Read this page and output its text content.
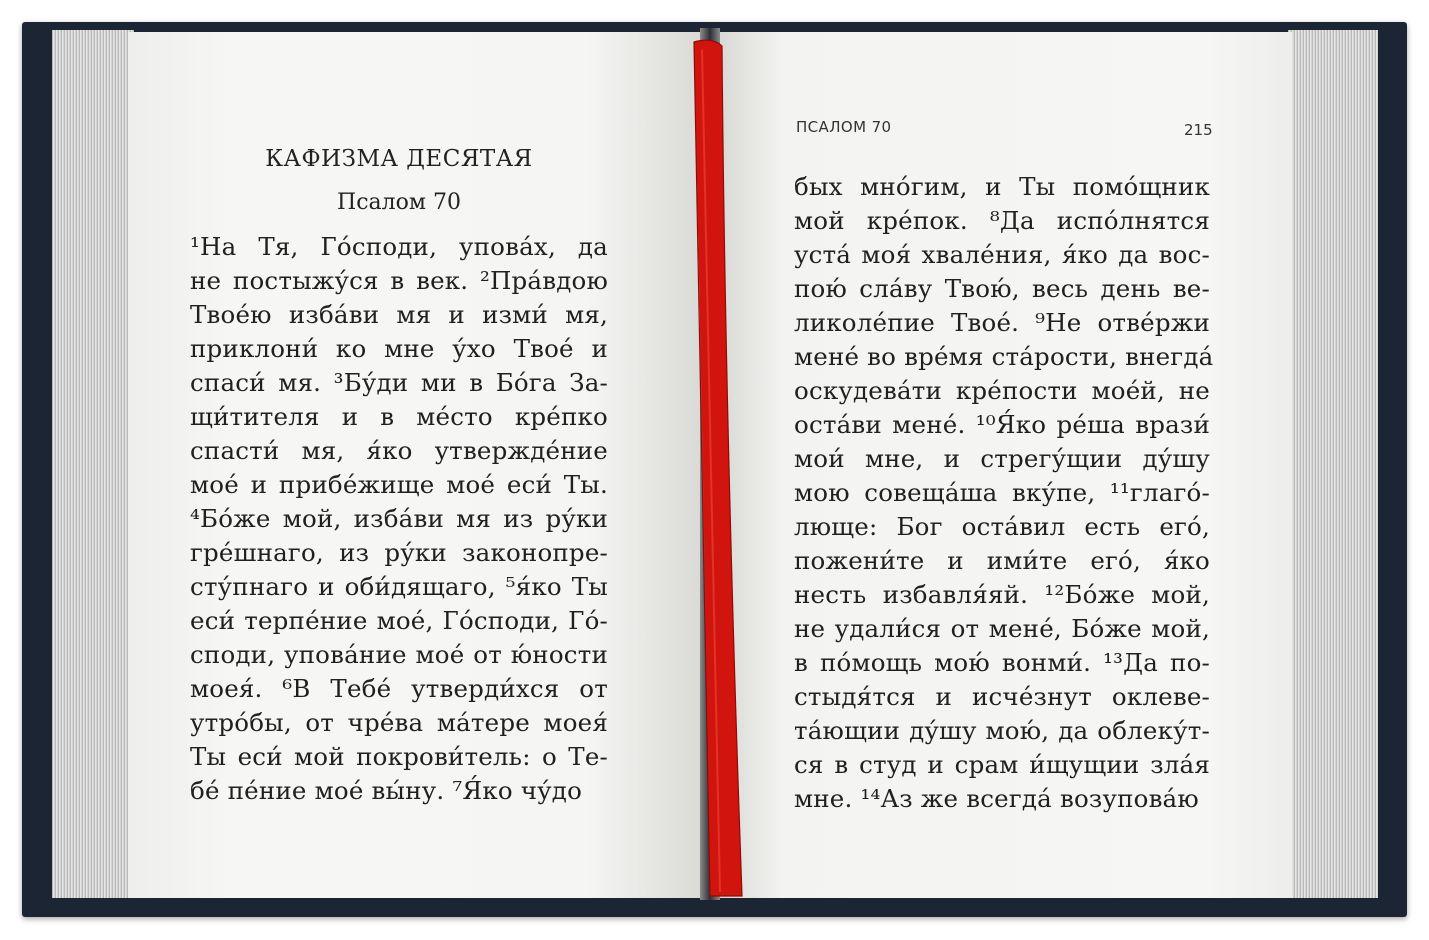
КАФИЗМА ДЕСЯТАЯ
Псалом 70
¹На Тя, Го́споди, упова́х, да
не постыжу́ся в век. ²Пра́вдою
Твое́ю изба́ви мя и изми́ мя,
приклони́ ко мне у́хо Твое́ и
спаси́ мя. ³Бу́ди ми в Бо́га За-
щи́тителя и в ме́сто кре́пко
спасти́ мя, я́ко утвержде́ние
мое́ и прибе́жище мое́ еси́ Ты.
⁴Бо́же мой, изба́ви мя из ру́ки
гре́шнаго, из ру́ки законопре-
сту́пнаго и оби́дящаго, ⁵я́ко Ты
еси́ терпе́ние мое́, Го́споди, Го́-
споди, упова́ние мое́ от ю́ности
моея́. ⁶В Тебе́ утверди́хся от
утро́бы, от чре́ва ма́тере моея́
Ты еси́ мой покрови́тель: о Те-
бе́ пе́ние мое́ вы́ну. ⁷Я́ко чу́до
ПСАЛОМ 70	215
бых мно́гим, и Ты помо́щник
мой кре́пок. ⁸Да испо́лнятся
уста́ моя́ хвале́ния, я́ко да вос-
пою́ сла́ву Твою́, весь день ве-
ликоле́пие Твое́. ⁹Не отве́ржи
мене́ во вре́мя ста́рости, внегда́
оскудева́ти кре́пости мое́й, не
оста́ви мене́. ¹⁰Я́ко ре́ша врази́
мои́ мне, и стрегу́щии ду́шу
мою совеща́ша вку́пе, ¹¹глаго́-
люще: Бог оста́вил есть его́,
пожени́те и ими́те его́, я́ко
несть избавля́яй. ¹²Бо́же мой,
не удали́ся от мене́, Бо́же мой,
в по́мощь мою́ вонми́. ¹³Да по-
стыдя́тся и исче́знут оклеве-
та́ющии ду́шу мою́, да облеку́т-
ся в студ и срам и́щущии зла́я
мне. ¹⁴Аз же всегда́ возупова́ю
